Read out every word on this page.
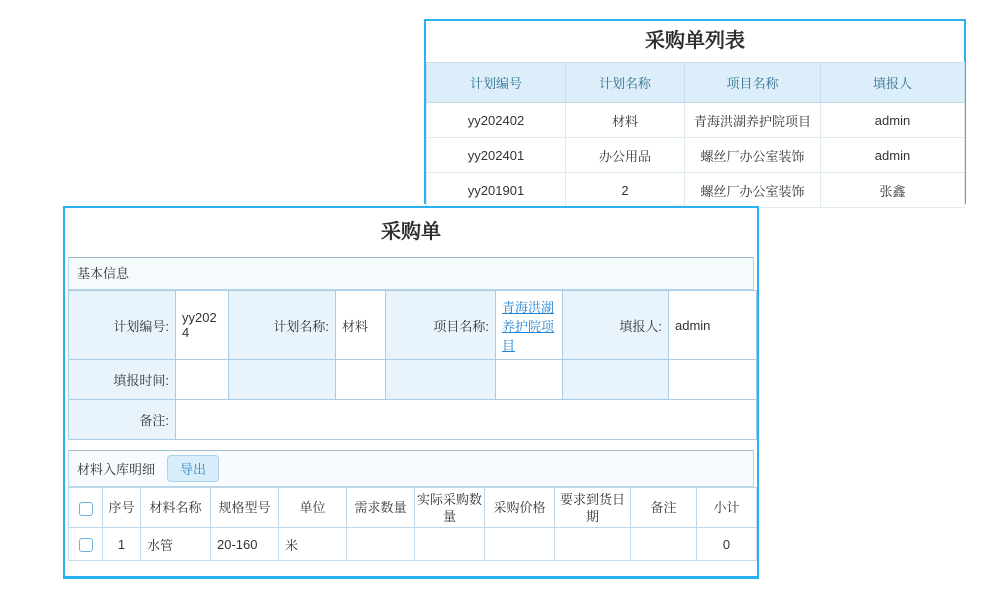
采购单列表
计划编号	计划名称	项目名称	填报人
yy202402	材料	青海洪湖养护院项目	admin
yy202401	办公用品	螺丝厂办公室装饰	admin
yy201901	2	螺丝厂办公室装饰	张鑫
采购单
基本信息
计划编号:	yy2024	计划名称:	材料	项目名称:	青海洪湖养护院项目	填报人:	admin
填报时间:							
备注:							
材料入库明细	导出
	序号	材料名称	规格型号	单位	需求数量	实际采购数量	采购价格	要求到货日期	备注	小计
	1	水管	20-160	米						0
